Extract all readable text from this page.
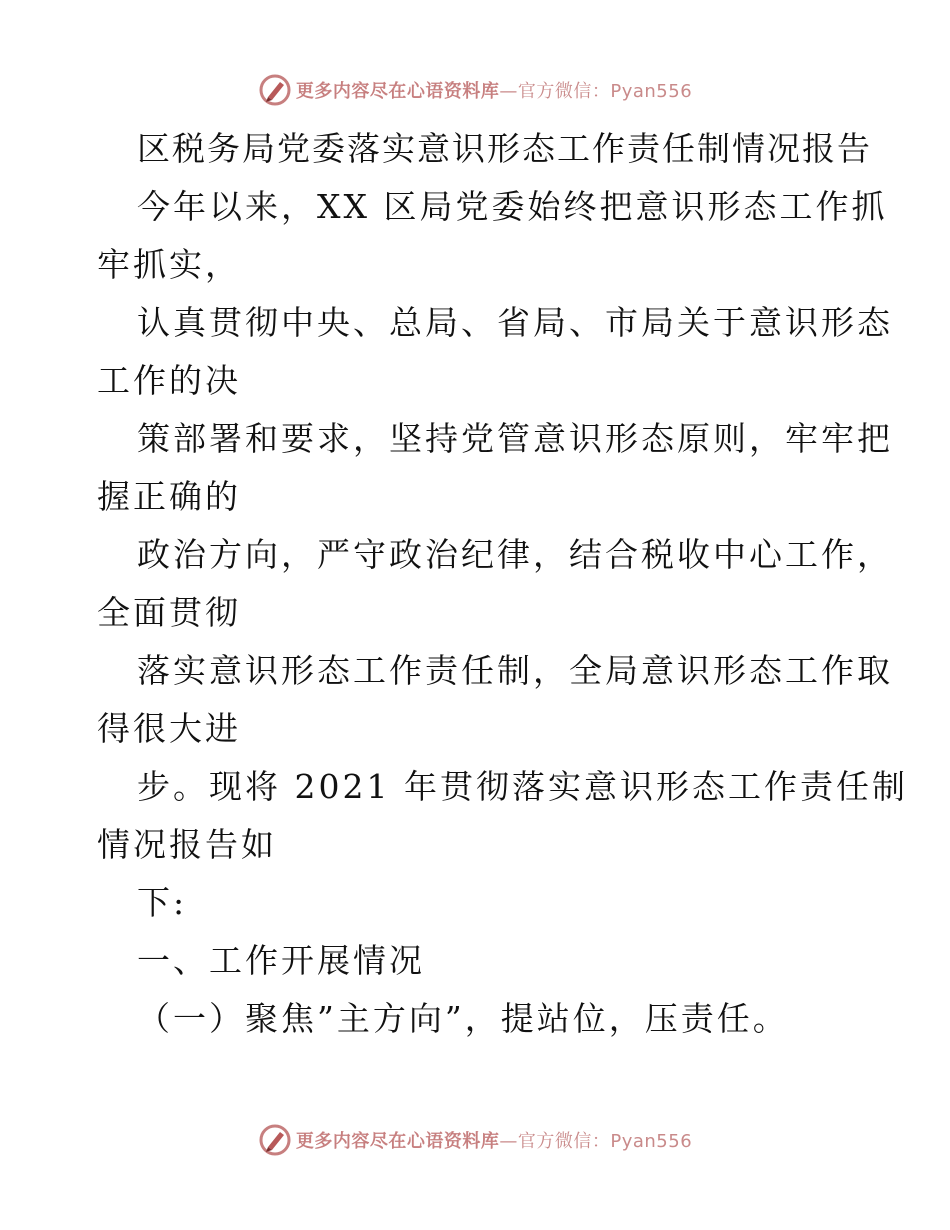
更多内容尽在心语资料库—官方微信：Pyan556
区税务局党委落实意识形态工作责任制情况报告
今年以来，XX 区局党委始终把意识形态工作抓
牢抓实，
认真贯彻中央、总局、省局、市局关于意识形态
工作的决
策部署和要求，坚持党管意识形态原则，牢牢把
握正确的
政治方向，严守政治纪律，结合税收中心工作，
全面贯彻
落实意识形态工作责任制，全局意识形态工作取
得很大进
步。现将 2021 年贯彻落实意识形态工作责任制
情况报告如
下:
一、工作开展情况
（一）聚焦”主方向”，提站位，压责任。
更多内容尽在心语资料库—官方微信：Pyan556
